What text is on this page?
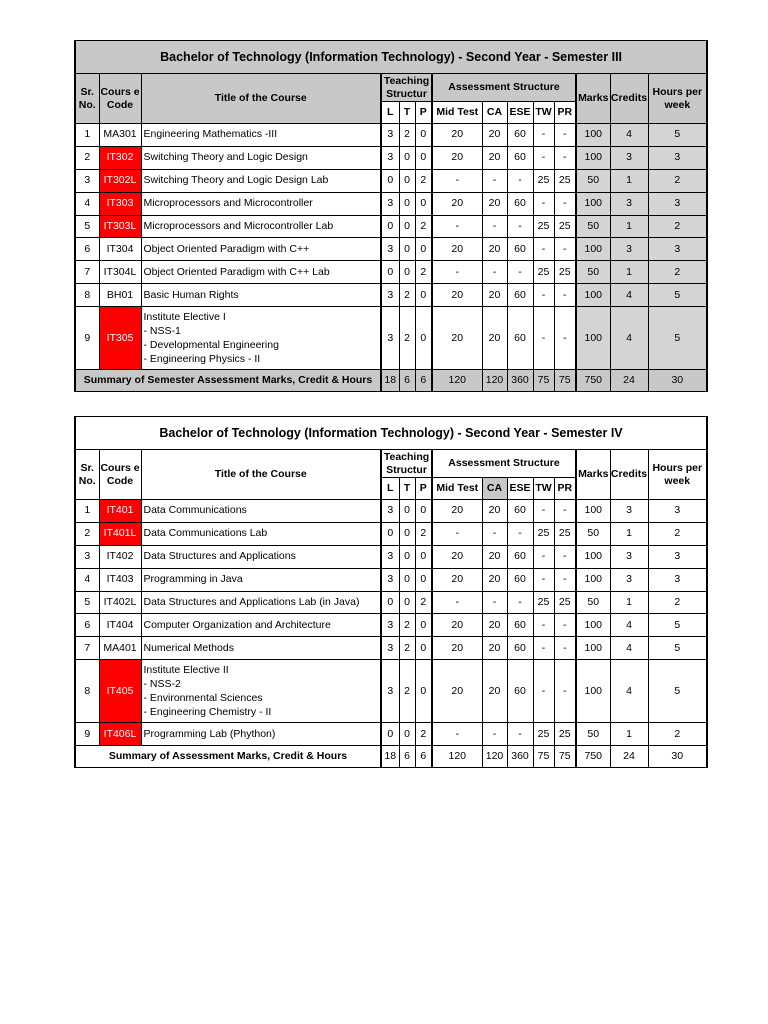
Bachelor of Technology (Information Technology) - Second Year - Semester III													
Sr. No.	Cours e Code	Title of the Course	Teaching Structur			Assessment Structure					Marks	Credits	Hours per week
			L	T	P	Mid Test	CA	ESE	TW	PR			
1	MA301	Engineering Mathematics -III	3	2	0	20	20	60	-	-	100	4	5
2	IT302	Switching Theory and Logic Design	3	0	0	20	20	60	-	-	100	3	3
3	IT302L	Switching Theory and Logic Design Lab	0	0	2	-	-	-	25	25	50	1	2
4	IT303	Microprocessors and Microcontroller	3	0	0	20	20	60	-	-	100	3	3
5	IT303L	Microprocessors and Microcontroller Lab	0	0	2	-	-	-	25	25	50	1	2
6	IT304	Object Oriented Paradigm with C++	3	0	0	20	20	60	-	-	100	3	3
7	IT304L	Object Oriented Paradigm with C++ Lab	0	0	2	-	-	-	25	25	50	1	2
8	BH01	Basic Human Rights	3	2	0	20	20	60	-	-	100	4	5
9	IT305	Institute Elective I
- NSS-1
- Developmental Engineering
- Engineering Physics - II	3	2	0	20	20	60	-	-	100	4	5
Summary of Semester Assessment Marks, Credit & Hours			18	6	6	120	120	360	75	75	750	24	30
Bachelor of Technology (Information Technology) - Second Year - Semester IV													
Sr. No.	Cours e Code	Title of the Course	Teaching Structur			Assessment Structure					Marks	Credits	Hours per week
			L	T	P	Mid Test	CA	ESE	TW	PR			
1	IT401	Data Communications	3	0	0	20	20	60	-	-	100	3	3
2	IT401L	Data Communications Lab	0	0	2	-	-	-	25	25	50	1	2
3	IT402	Data Structures and Applications	3	0	0	20	20	60	-	-	100	3	3
4	IT403	Programming in Java	3	0	0	20	20	60	-	-	100	3	3
5	IT402L	Data Structures and Applications Lab (in Java)	0	0	2	-	-	-	25	25	50	1	2
6	IT404	Computer Organization and Architecture	3	2	0	20	20	60	-	-	100	4	5
7	MA401	Numerical Methods	3	2	0	20	20	60	-	-	100	4	5
8	IT405	Institute Elective II
- NSS-2
- Environmental Sciences
- Engineering Chemistry - II	3	2	0	20	20	60	-	-	100	4	5
9	IT406L	Programming Lab (Phython)	0	0	2	-	-	-	25	25	50	1	2
Summary of Assessment Marks, Credit & Hours			18	6	6	120	120	360	75	75	750	24	30
